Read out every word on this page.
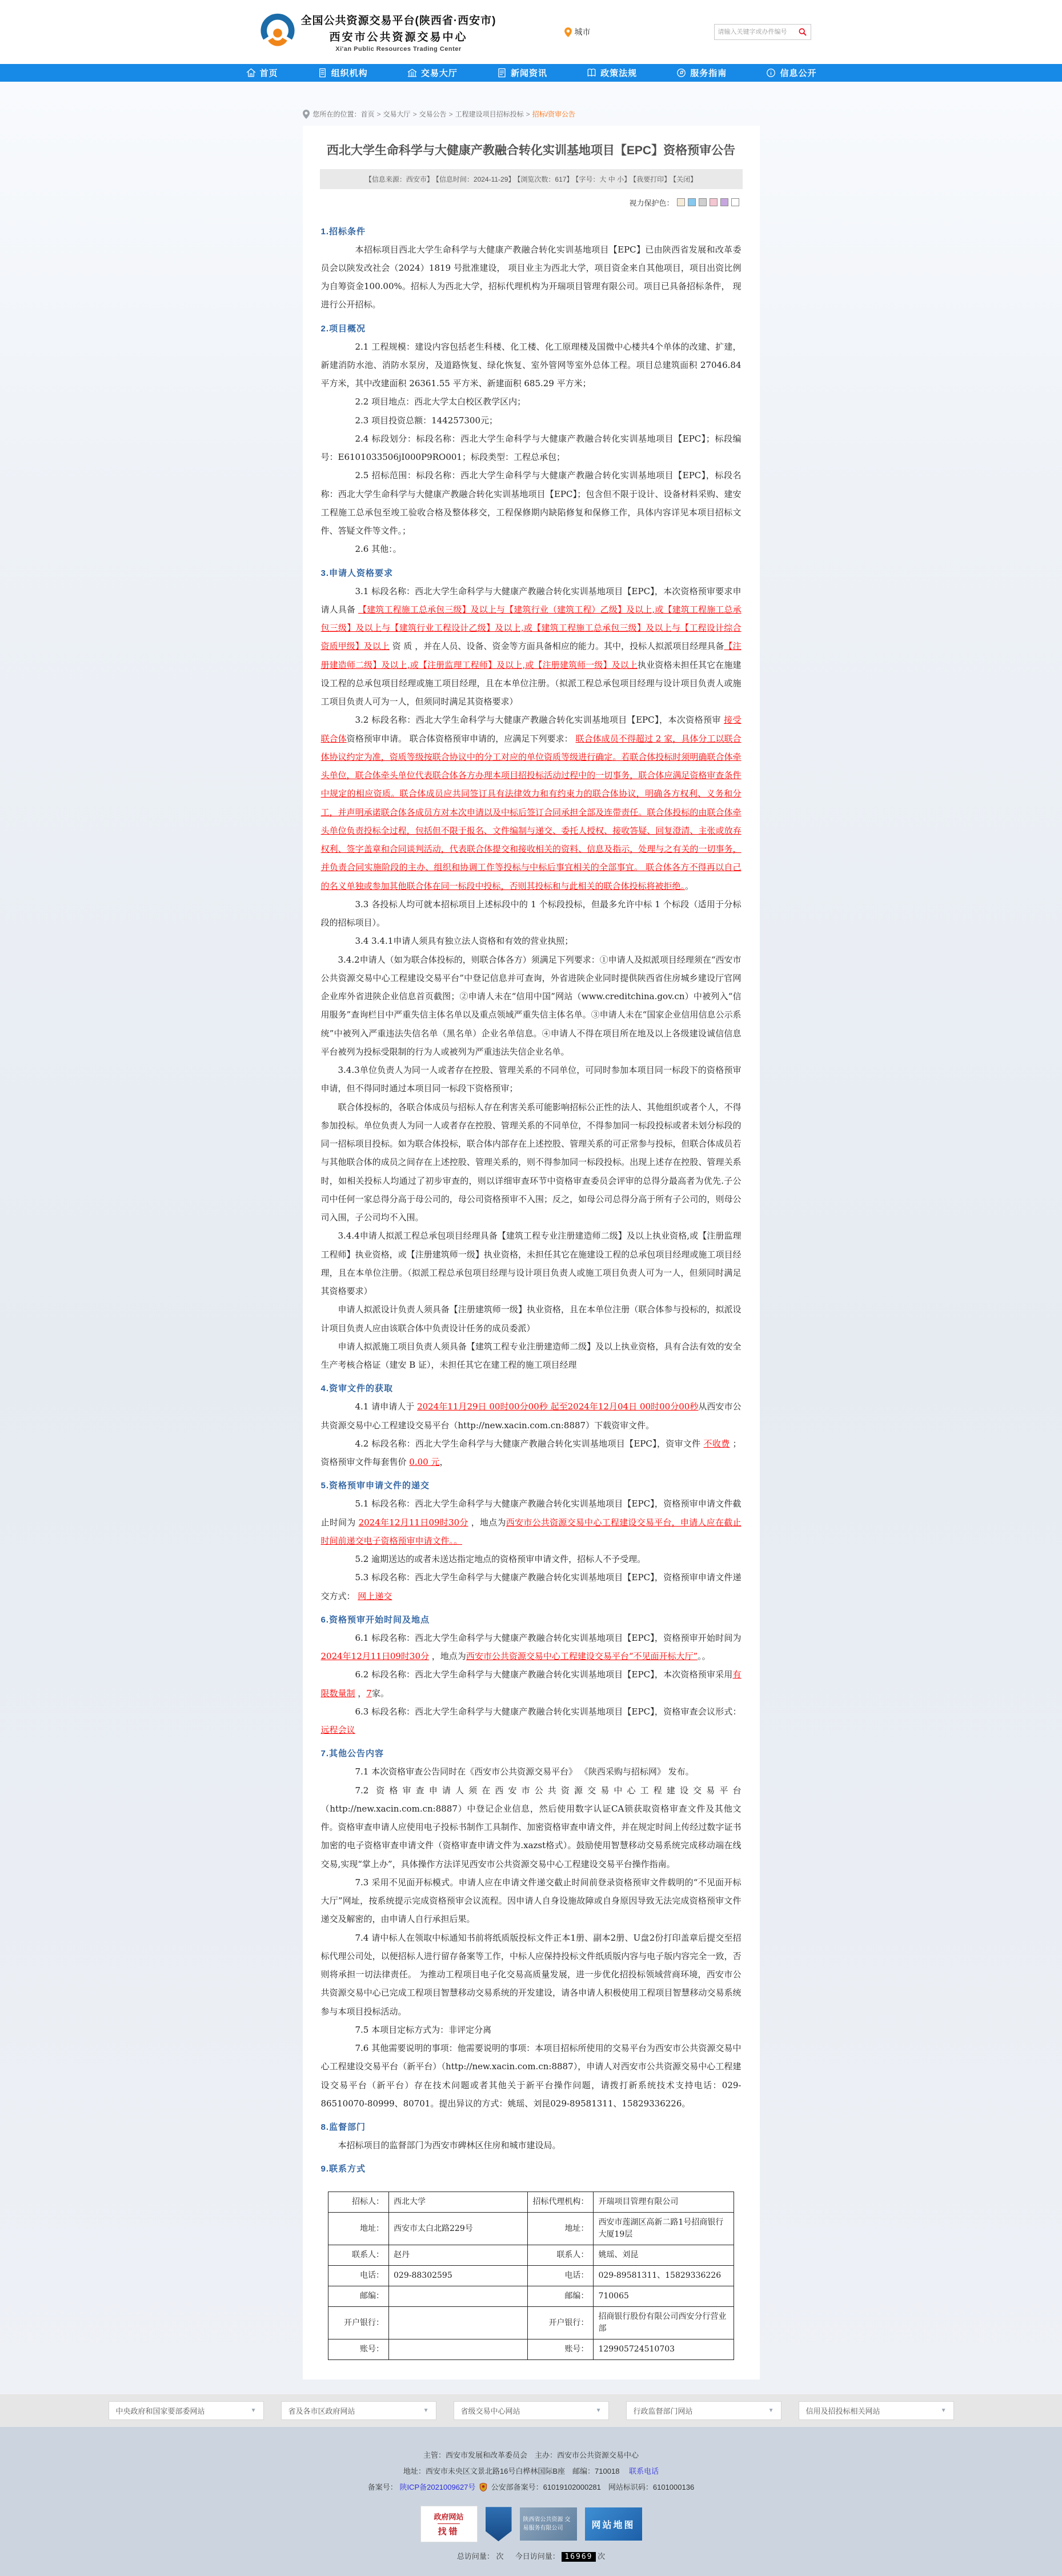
全国公共资源交易平台(陕西省·西安市)
西安市公共资源交易中心
Xi'an Public Resources Trading Center
城市
请输入关键字或办件编号
首页	组织机构	交易大厅	新闻资讯	政策法规	服务指南	信息公开
您所在的位置： 首页 > 交易大厅 > 交易公告 > 工程建设项目招标投标 > 招标/资审公告
西北大学生命科学与大健康产教融合转化实训基地项目【EPC】资格预审公告
【信息来源：西安市】 【信息时间：2024-11-29】 【浏览次数：617】 【字号：大 中 小】 【我要打印】 【关闭】
视力保护色：
1.招标条件

本招标项目西北大学生命科学与大健康产教融合转化实训基地项目【EPC】已由陕西省发展和改革委员会以陕发改社会（2024）1819 号批准建设， 项目业主为西北大学，项目资金来自其他项目，项目出资比例为自筹资金100.00%。招标人为西北大学，招标代理机构为开瑞项目管理有限公司。项目已具备招标条件， 现进行公开招标。

2.项目概况

2.1 工程规模：建设内容包括老生科楼、化工楼、化工原理楼及国微中心楼共4个单体的改建、扩建，新建消防水池、消防水泵房，及道路恢复、绿化恢复、室外管网等室外总体工程。项目总建筑面积 27046.84 平方米，其中改建面积 26361.55 平方米、新建面积 685.29 平方米；

2.2 项目地点：西北大学太白校区教学区内；

2.3 项目投资总额：144257300元；

2.4 标段划分：标段名称：西北大学生命科学与大健康产教融合转化实训基地项目【EPC】；标段编号：E6101033506jI000P9RO001；标段类型：工程总承包；

2.5 招标范围：标段名称：西北大学生命科学与大健康产教融合转化实训基地项目【EPC】，标段名称：西北大学生命科学与大健康产教融合转化实训基地项目【EPC】；包含但不限于设计、设备材料采购、建安工程施工总承包至竣工验收合格及整体移交，工程保修期内缺陷修复和保修工作，具体内容详见本项目招标文件、答疑文件等文件。；

2.6 其他：。

3.申请人资格要求

3.1 标段名称：西北大学生命科学与大健康产教融合转化实训基地项目【EPC】，本次资格预审要求申请人具备 【建筑工程施工总承包三级】及以上与【建筑行业（建筑工程）乙级】及以上,或【建筑工程施工总承包三级】及以上与【建筑行业工程设计乙级】及以上,或【建筑工程施工总承包三级】及以上与【工程设计综合资质甲级】及以上 资 质 ，并在人员、设备、资金等方面具备相应的能力。其中，投标人拟派项目经理具备【注册建造师二级】及以上,或【注册监理工程师】及以上,或【注册建筑师一级】及以上执业资格未担任其它在施建设工程的总承包项目经理或施工项目经理，且在本单位注册。（拟派工程总承包项目经理与设计项目负责人或施工项目负责人可为一人，但须同时满足其资格要求）

3.2 标段名称：西北大学生命科学与大健康产教融合转化实训基地项目【EPC】，本次资格预审 接受 联合体资格预审申请。 联合体资格预审申请的，应满足下列要求： 联合体成员不得超过 2 家，具体分工以联合体协议约定为准，资质等级按联合协议中的分工对应的单位资质等级进行确定。若联合体投标时须明确联合体牵头单位，联合体牵头单位代表联合体各方办理本项目招投标活动过程中的一切事务，联合体应满足资格审查条件中规定的相应资质。联合体成员应共同签订具有法律效力和有约束力的联合体协议，明确各方权利、义务和分工，并声明承诺联合体各成员方对本次申请以及中标后签订合同承担全部及连带责任。联合体投标的由联合体牵头单位负责投标全过程，包括但不限于报名、文件编制与递交、委托人授权、接收答疑、回复澄清、主张或放弃权利、签字盖章和合同谈判活动，代表联合体提交和接收相关的资料、信息及指示，处理与之有关的一切事务，并负责合同实施阶段的主办、组织和协调工作等投标与中标后事宜相关的全部事宜。 联合体各方不得再以自己的名义单独或参加其他联合体在同一标段中投标，否则其投标和与此相关的联合体投标将被拒绝。。

3.3 各投标人均可就本招标项目上述标段中的 1 个标段投标，但最多允许中标 1 个标段（适用于分标段的招标项目）。

3.4 3.4.1申请人须具有独立法人资格和有效的营业执照；

3.4.2申请人（如为联合体投标的，则联合体各方）须满足下列要求：①申请人及拟派项目经理须在“西安市公共资源交易中心工程建设交易平台”中登记信息并可查询，外省进陕企业同时提供陕西省住房城乡建设厅官网企业库外省进陕企业信息首页截图；②申请人未在“信用中国”网站（www.creditchina.gov.cn）中被列入“信用服务”查询栏目中严重失信主体名单以及重点领域严重失信主体名单。③申请人未在“国家企业信用信息公示系统”中被列入严重违法失信名单（黑名单）企业名单信息。④申请人不得在项目所在地及以上各级建设诚信信息平台被列为投标受限制的行为人或被列为严重违法失信企业名单。

3.4.3单位负责人为同一人或者存在控股、管理关系的不同单位，可同时参加本项目同一标段下的资格预审申请，但不得同时通过本项目同一标段下资格预审；

联合体投标的，各联合体成员与招标人存在利害关系可能影响招标公正性的法人、其他组织或者个人，不得参加投标。单位负责人为同一人或者存在控股、管理关系的不同单位，不得参加同一标段投标或者未划分标段的同一招标项目投标。如为联合体投标，联合体内部存在上述控股、管理关系的可正常参与投标，但联合体成员若与其他联合体的成员之间存在上述控股、管理关系的，则不得参加同一标段投标。出现上述存在控股、管理关系时，如相关投标人均通过了初步审查的，则以详细审查环节中资格审查委员会评审的总得分最高者为优先.子公司中任何一家总得分高于母公司的，母公司资格预审不入围；反之，如母公司总得分高于所有子公司的，则母公司入围，子公司均不入围。

3.4.4申请人拟派工程总承包项目经理具备【建筑工程专业注册建造师二级】及以上执业资格,或【注册监理工程师】执业资格，或【注册建筑师一级】执业资格，未担任其它在施建设工程的总承包项目经理或施工项目经理，且在本单位注册。（拟派工程总承包项目经理与设计项目负责人或施工项目负责人可为一人，但须同时满足其资格要求）

申请人拟派设计负责人须具备【注册建筑师一级】执业资格，且在本单位注册（联合体参与投标的，拟派设计项目负责人应由该联合体中负责设计任务的成员委派）

申请人拟派施工项目负责人须具备【建筑工程专业注册建造师二级】及以上执业资格，具有合法有效的安全生产考核合格证（建安 B 证），未担任其它在建工程的施工项目经理

4.资审文件的获取

4.1 请申请人于 2024年11月29日 00时00分00秒 起至2024年12月04日 00时00分00秒从西安市公共资源交易中心工程建设交易平台（http://new.xacin.com.cn:8887）下载资审文件。

4.2 标段名称：西北大学生命科学与大健康产教融合转化实训基地项目【EPC】，资审文件 不收费 ；资格预审文件每套售价 0.00 元，

5.资格预审申请文件的递交

5.1 标段名称：西北大学生命科学与大健康产教融合转化实训基地项目【EPC】，资格预审申请文件截止时间为 2024年12月11日09时30分 ，地点为西安市公共资源交易中心工程建设交易平台，申请人应在截止时间前递交电子资格预审申请文件。。

5.2 逾期送达的或者未送达指定地点的资格预审申请文件，招标人不予受理。

5.3 标段名称：西北大学生命科学与大健康产教融合转化实训基地项目【EPC】，资格预审申请文件递交方式： 网上递交

6.资格预审开始时间及地点

6.1 标段名称：西北大学生命科学与大健康产教融合转化实训基地项目【EPC】，资格预审开始时间为 2024年12月11日09时30分 ，地点为西安市公共资源交易中心工程建设交易平台“不见面开标大厅”。。

6.2 标段名称：西北大学生命科学与大健康产教融合转化实训基地项目【EPC】，本次资格预审采用有限数量制 ，7家。

6.3 标段名称：西北大学生命科学与大健康产教融合转化实训基地项目【EPC】，资格审查会议形式： 远程会议

7.其他公告内容

7.1 本次资格审查公告同时在《西安市公共资源交易平台》 《陕西采购与招标网》 发布。

7.2 资格审查申请人须在西安市公共资源交易中心工程建设交易平台（http://new.xacin.com.cn:8887）中登记企业信息，然后使用数字认证CA锁获取资格审查文件及其他文件。资格审查申请人应使用电子投标书制作工具制作、加密资格审查申请文件，并在规定时间上传经过数字证书加密的电子资格审查申请文件（资格审查申请文件为.xazst格式）。鼓励使用智慧移动交易系统完成移动端在线交易,实现“掌上办”，具体操作方法详见西安市公共资源交易中心工程建设交易平台操作指南。

7.3 采用不见面开标模式。申请人应在申请文件递交截止时间前登录资格预审文件载明的“不见面开标大厅”网址，按系统提示完成资格预审会议流程。因申请人自身设施故障或自身原因导致无法完成资格预审文件递交及解密的，由申请人自行承担后果。

7.4 请中标人在领取中标通知书前将纸质版投标文件正本1册、副本2册、U盘2份打印盖章后提交至招标代理公司处，以便招标人进行留存备案等工作，中标人应保持投标文件纸质版内容与电子版内容完全一致，否则将承担一切法律责任。 为推动工程项目电子化交易高质量发展，进一步优化招投标领域营商环境，西安市公共资源交易中心已完成工程项目智慧移动交易系统的开发建设，请各申请人积极使用工程项目智慧移动交易系统参与本项目投标活动。

7.5 本项目定标方式为：非评定分离

7.6 其他需要说明的事项：他需要说明的事项：本项目招标所使用的交易平台为西安市公共资源交易中心工程建设交易平台（新平台）（http://new.xacin.com.cn:8887），申请人对西安市公共资源交易中心工程建设交易平台（新平台）存在技术问题或者其他关于新平台操作问题，请拨打新系统技术支持电话：029-86510070-80999、80701。提出异议的方式：姚瑶、刘昆029-89581311、15829336226。

8.监督部门

本招标项目的监督部门为西安市碑林区住房和城市建设局。

9.联系方式
招标人：	西北大学	招标代理机构：	开瑞项目管理有限公司
地址：	西安市太白北路229号	地址：	西安市莲湖区高新二路1号招商银行大厦19层
联系人：	赵丹	联系人：	姚瑶、刘昆
电话：	029-88302595	电话：	029-89581311、15829336226
邮编：		邮编：	710065
开户银行：		开户银行：	招商银行股份有限公司西安分行营业部
账号：		账号：	129905724510703
中央政府和国家要部委网站	▼	省及各市区政府网站	▼	省级交易中心网站	▼	行政监督部门网站	▼	信用及招投标相关网站	▼
主管：西安市发展和改革委员会　主办：西安市公共资源交易中心
地址：西安市未央区文景北路16号白桦林国际B座　邮编：710018　 联系电话
备案号： 陕ICP备2021009627号 公安部备案号：61019102000281　网站标识码：6101000136
政府网站
找错
陕西省公共资源 交易服务有限公司	网站地图
总访问量： 次 　 今日访问量： 16969 次
